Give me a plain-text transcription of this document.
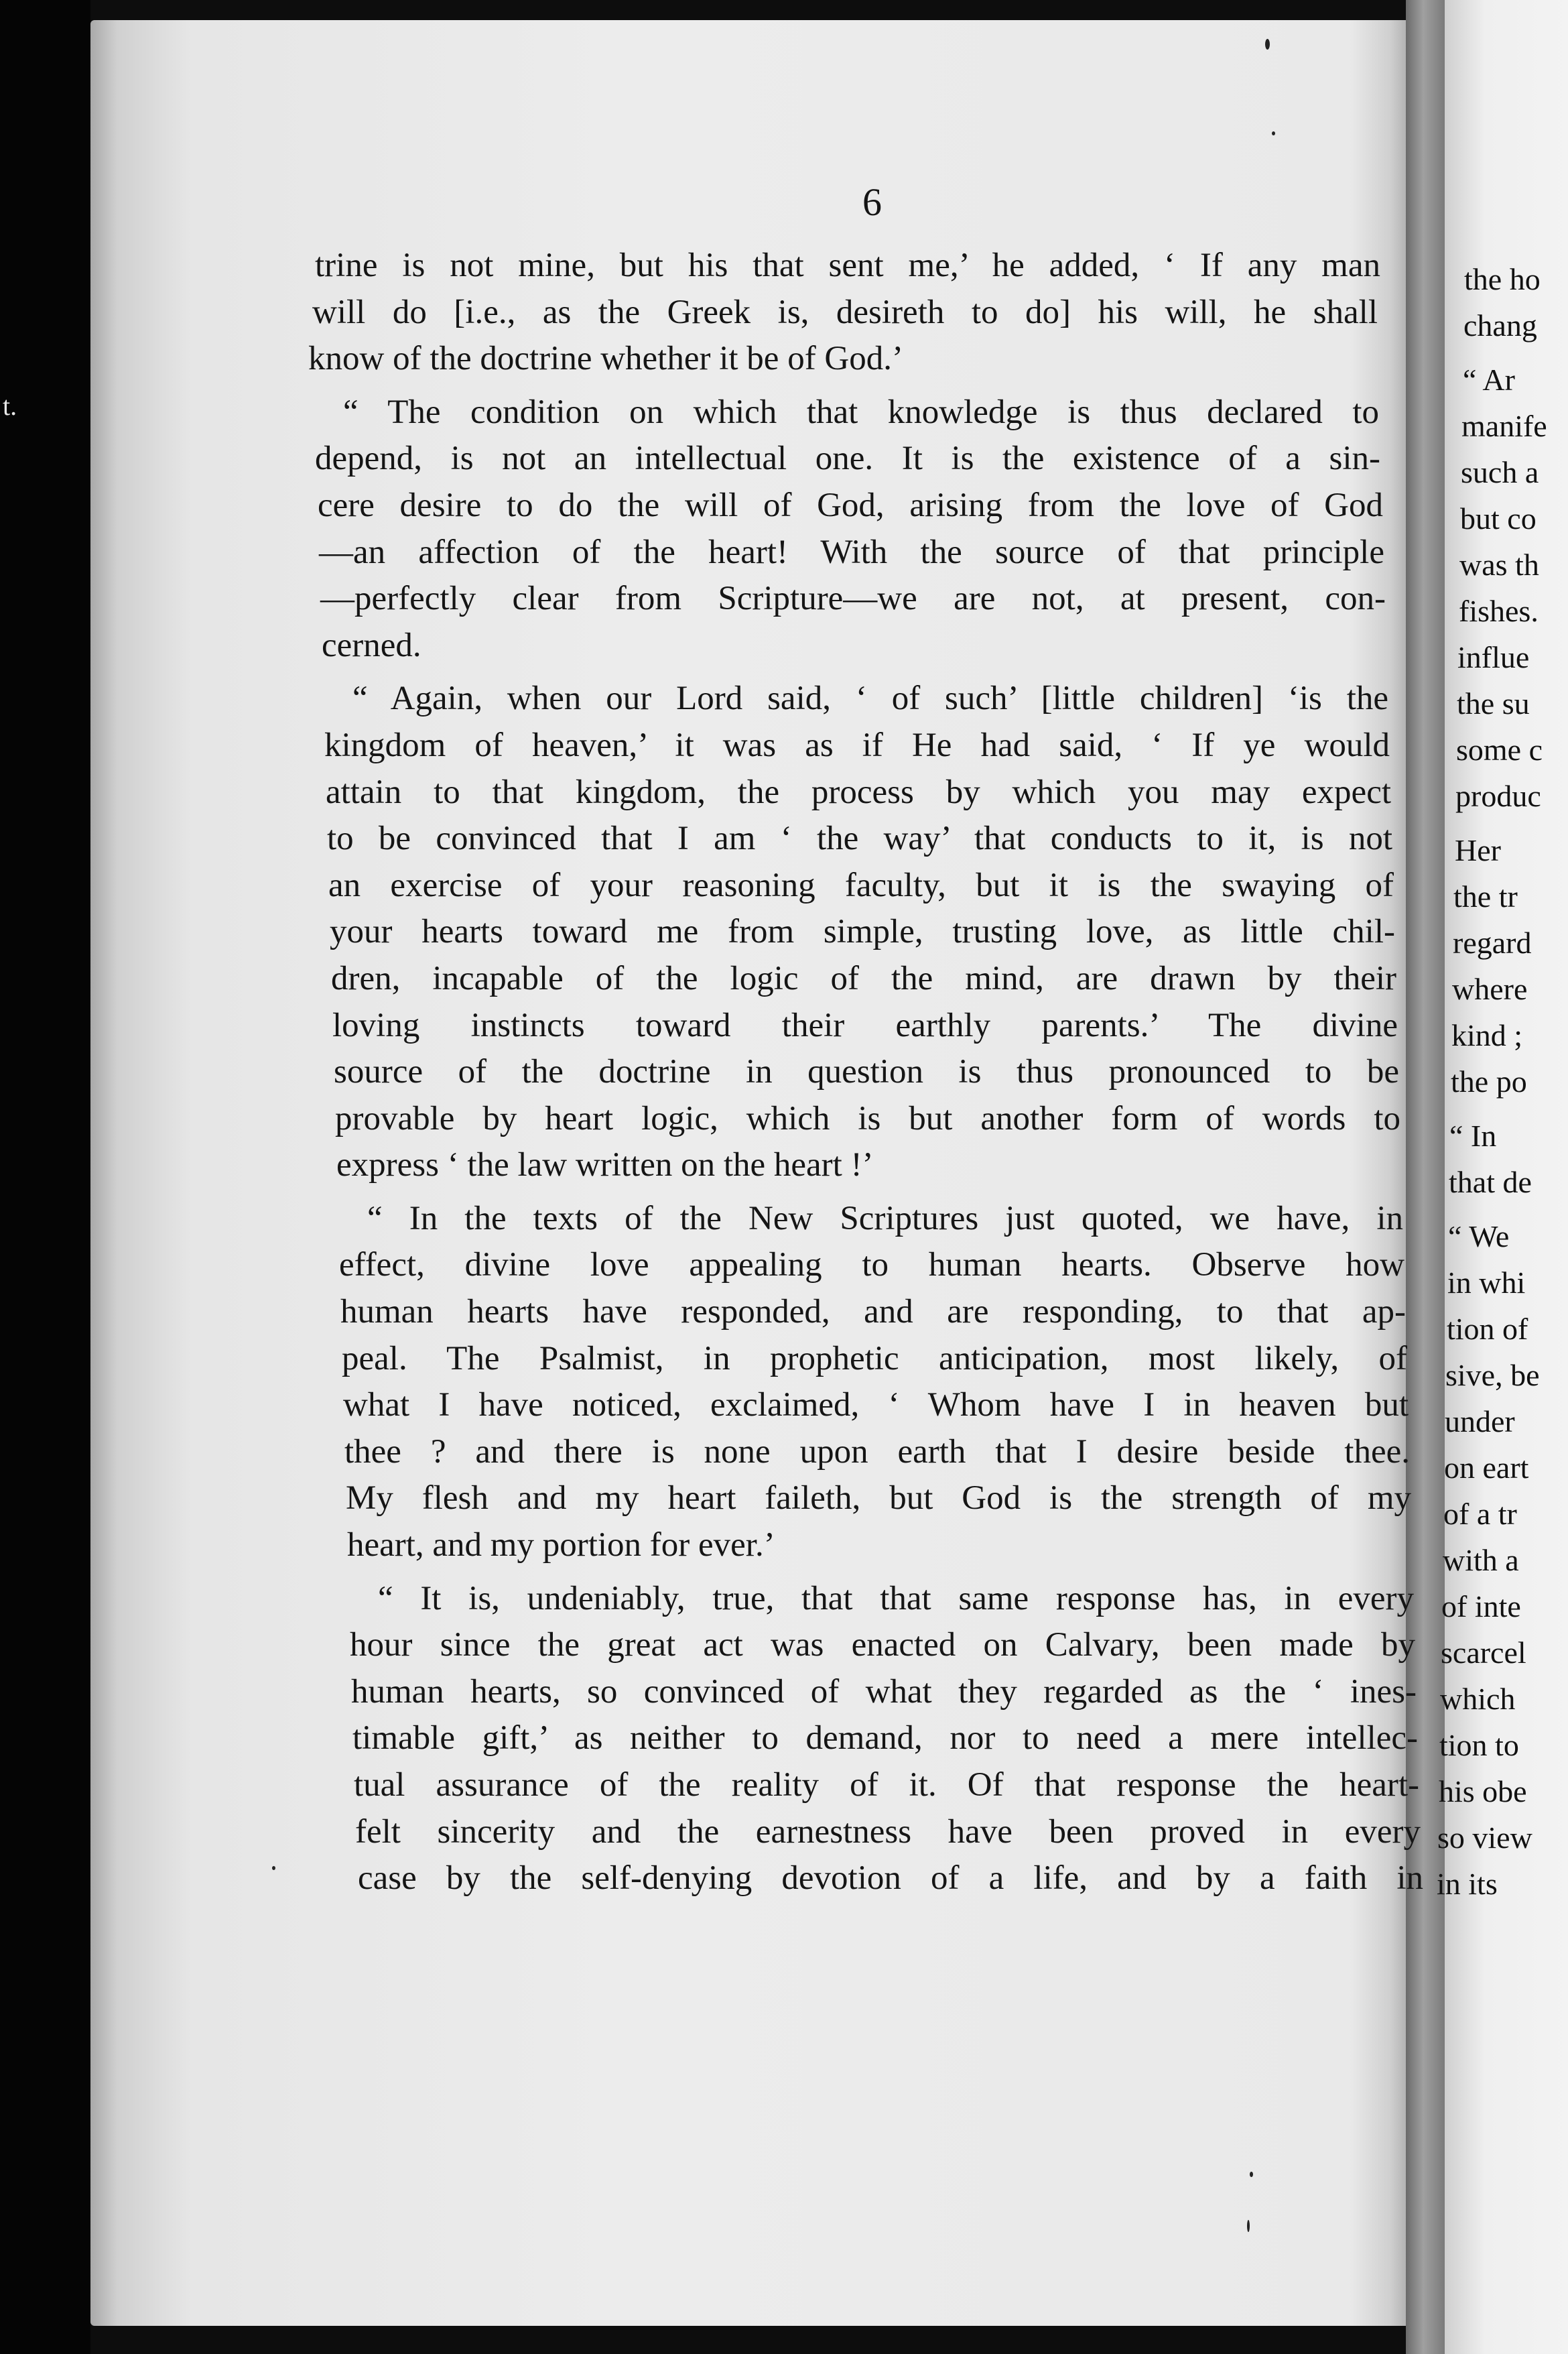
t.
6
trine is not mine, but his that sent me,’ he added, ‘ If any man
will do [i.e., as the Greek is, desireth to do] his will, he shall
know of the doctrine whether it be of God.’
“ The condition on which that knowledge is thus declared to
depend, is not an intellectual one. It is the existence of a sin-
cere desire to do the will of God, arising from the love of God
—an affection of the heart! With the source of that principle
—perfectly clear from Scripture—we are not, at present, con-
cerned.
“ Again, when our Lord said, ‘ of such’ [little children] ‘is the
kingdom of heaven,’ it was as if He had said, ‘ If ye would
attain to that kingdom, the process by which you may expect
to be convinced that I am ‘ the way’ that conducts to it, is not
an exercise of your reasoning faculty, but it is the swaying of
your hearts toward me from simple, trusting love, as little chil-
dren, incapable of the logic of the mind, are drawn by their
loving instincts toward their earthly parents.’ The divine
source of the doctrine in question is thus pronounced to be
provable by heart logic, which is but another form of words to
express ‘ the law written on the heart !’
“ In the texts of the New Scriptures just quoted, we have, in
effect, divine love appealing to human hearts. Observe how
human hearts have responded, and are responding, to that ap-
peal. The Psalmist, in prophetic anticipation, most likely, of
what I have noticed, exclaimed, ‘ Whom have I in heaven but
thee ? and there is none upon earth that I desire beside thee.
My flesh and my heart faileth, but God is the strength of my
heart, and my portion for ever.’
“ It is, undeniably, true, that that same response has, in every
hour since the great act was enacted on Calvary, been made by
human hearts, so convinced of what they regarded as the ‘ ines-
timable gift,’ as neither to demand, nor to need a mere intellec-
tual assurance of the reality of it. Of that response the heart-
felt sincerity and the earnestness have been proved in every
case by the self-denying devotion of a life, and by a faith in
the ho
chang
“ Ar
manife
such a
but co
was th
fishes.
influe
the su
some c
produc
Her
the tr
regard
where
kind ;
the po
“ In
that de
“ We
in whi
tion of
sive, be
under
on eart
of a tr
with a
of inte
scarcel
which
tion to
his obe
so view
in its
